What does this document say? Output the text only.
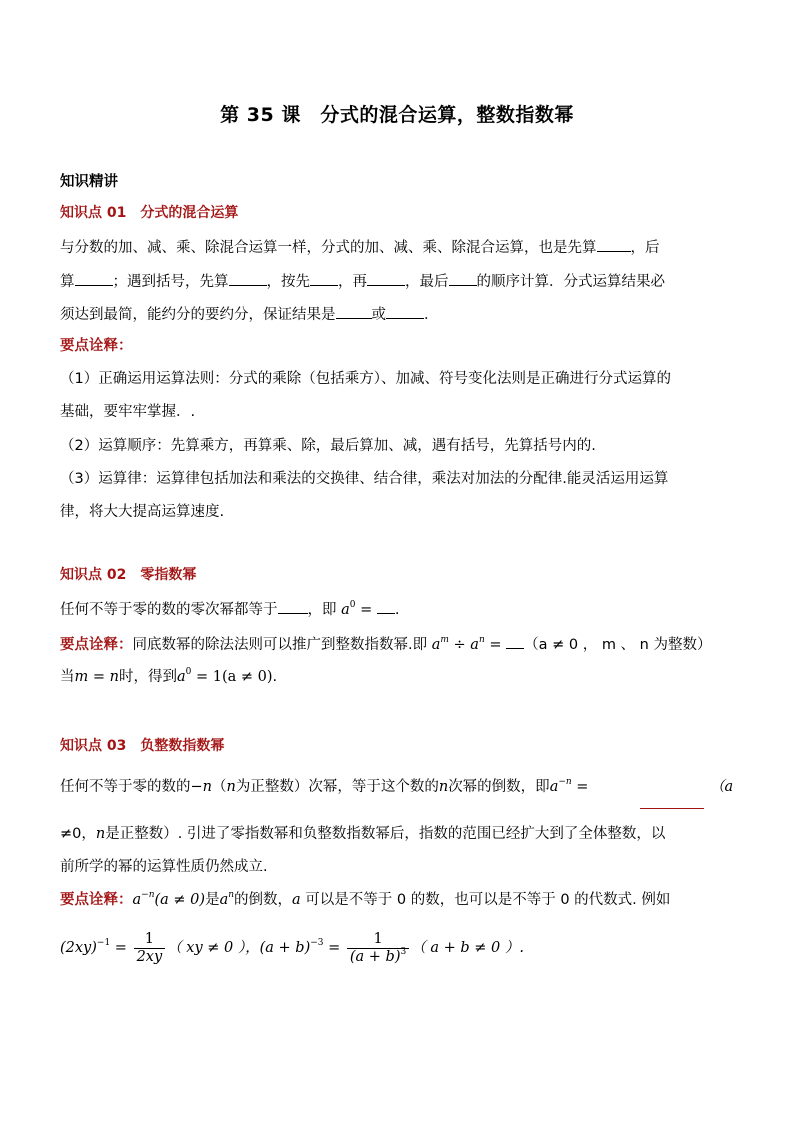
第 35 课　分式的混合运算，整数指数幂
知识精讲
知识点 01 分式的混合运算
与分数的加、减、乘、除混合运算一样，分式的加、减、乘、除混合运算，也是先算 ，后
算	；遇到括号，先算	，按先 ，再	，最后 的顺序计算．分式运算结果必
须达到最简，能约分的要约分，保证结果是 或	．
要点诠释：
（1）正确运用运算法则：分式的乘除（包括乘方）、加减、符号变化法则是正确进行分式运算的
基础，要牢牢掌握．.
（2）运算顺序：先算乘方，再算乘、除，最后算加、减，遇有括号，先算括号内的.
（3）运算律：运算律包括加法和乘法的交换律、结合律，乘法对加法的分配律.能灵活运用运算
律，将大大提高运算速度.
知识点 02 零指数幂
任何不等于零的数的零次幂都等于 ，即 $a^0$ = .
要点诠释：同底数幂的除法法则可以推广到整数指数幂.即 $a^m \div a^n = (a \ne 0$ ， m 、 n 为整数）
当m = n时，得到$a^0 = 1(a \ne 0)$.
知识点 03 负整数指数幂
任何不等于零的数的−n（n为正整数）次幂，等于这个数的n次幂的倒数，即$a^{-n}$ =	（a
≠0，n是正整数）. 引进了零指数幂和负整数指数幂后，指数的范围已经扩大到了全体整数，以
前所学的幂的运算性质仍然成立.
要点诠释：$a^{-n}(a \ne 0)$是$a^n$的倒数，a 可以是不等于 0 的数，也可以是不等于 0 的代数式. 例如
$(2xy)^{-1} = \frac{1}{2xy}$ （ xy ≠ 0 ），$(a + b)^{-3} = \frac{1}{(a + b)^3}$ （ a + b ≠ 0 ）.
